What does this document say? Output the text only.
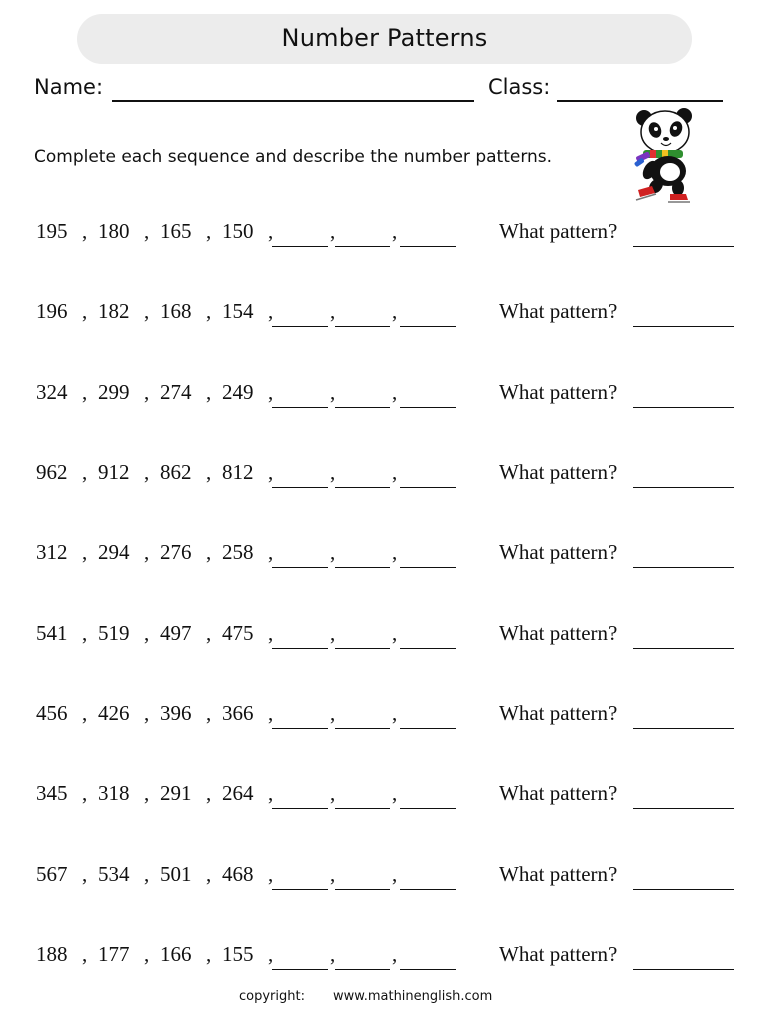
Number Patterns
Name:	Class:
Complete each sequence and describe the number patterns.
195 , 180 , 165 , 150 ,	,	,	What pattern?
196 , 182 , 168 , 154 ,	,	,	What pattern?
324 , 299 , 274 , 249 ,	,	,	What pattern?
962 , 912 , 862 , 812 ,	,	,	What pattern?
312 , 294 , 276 , 258 ,	,	,	What pattern?
541 , 519 , 497 , 475 ,	,	,	What pattern?
456 , 426 , 396 , 366 ,	,	,	What pattern?
345 , 318 , 291 , 264 ,	,	,	What pattern?
567 , 534 , 501 , 468 ,	,	,	What pattern?
188 , 177 , 166 , 155 ,	,	,	What pattern?
copyright: www.mathinenglish.com
